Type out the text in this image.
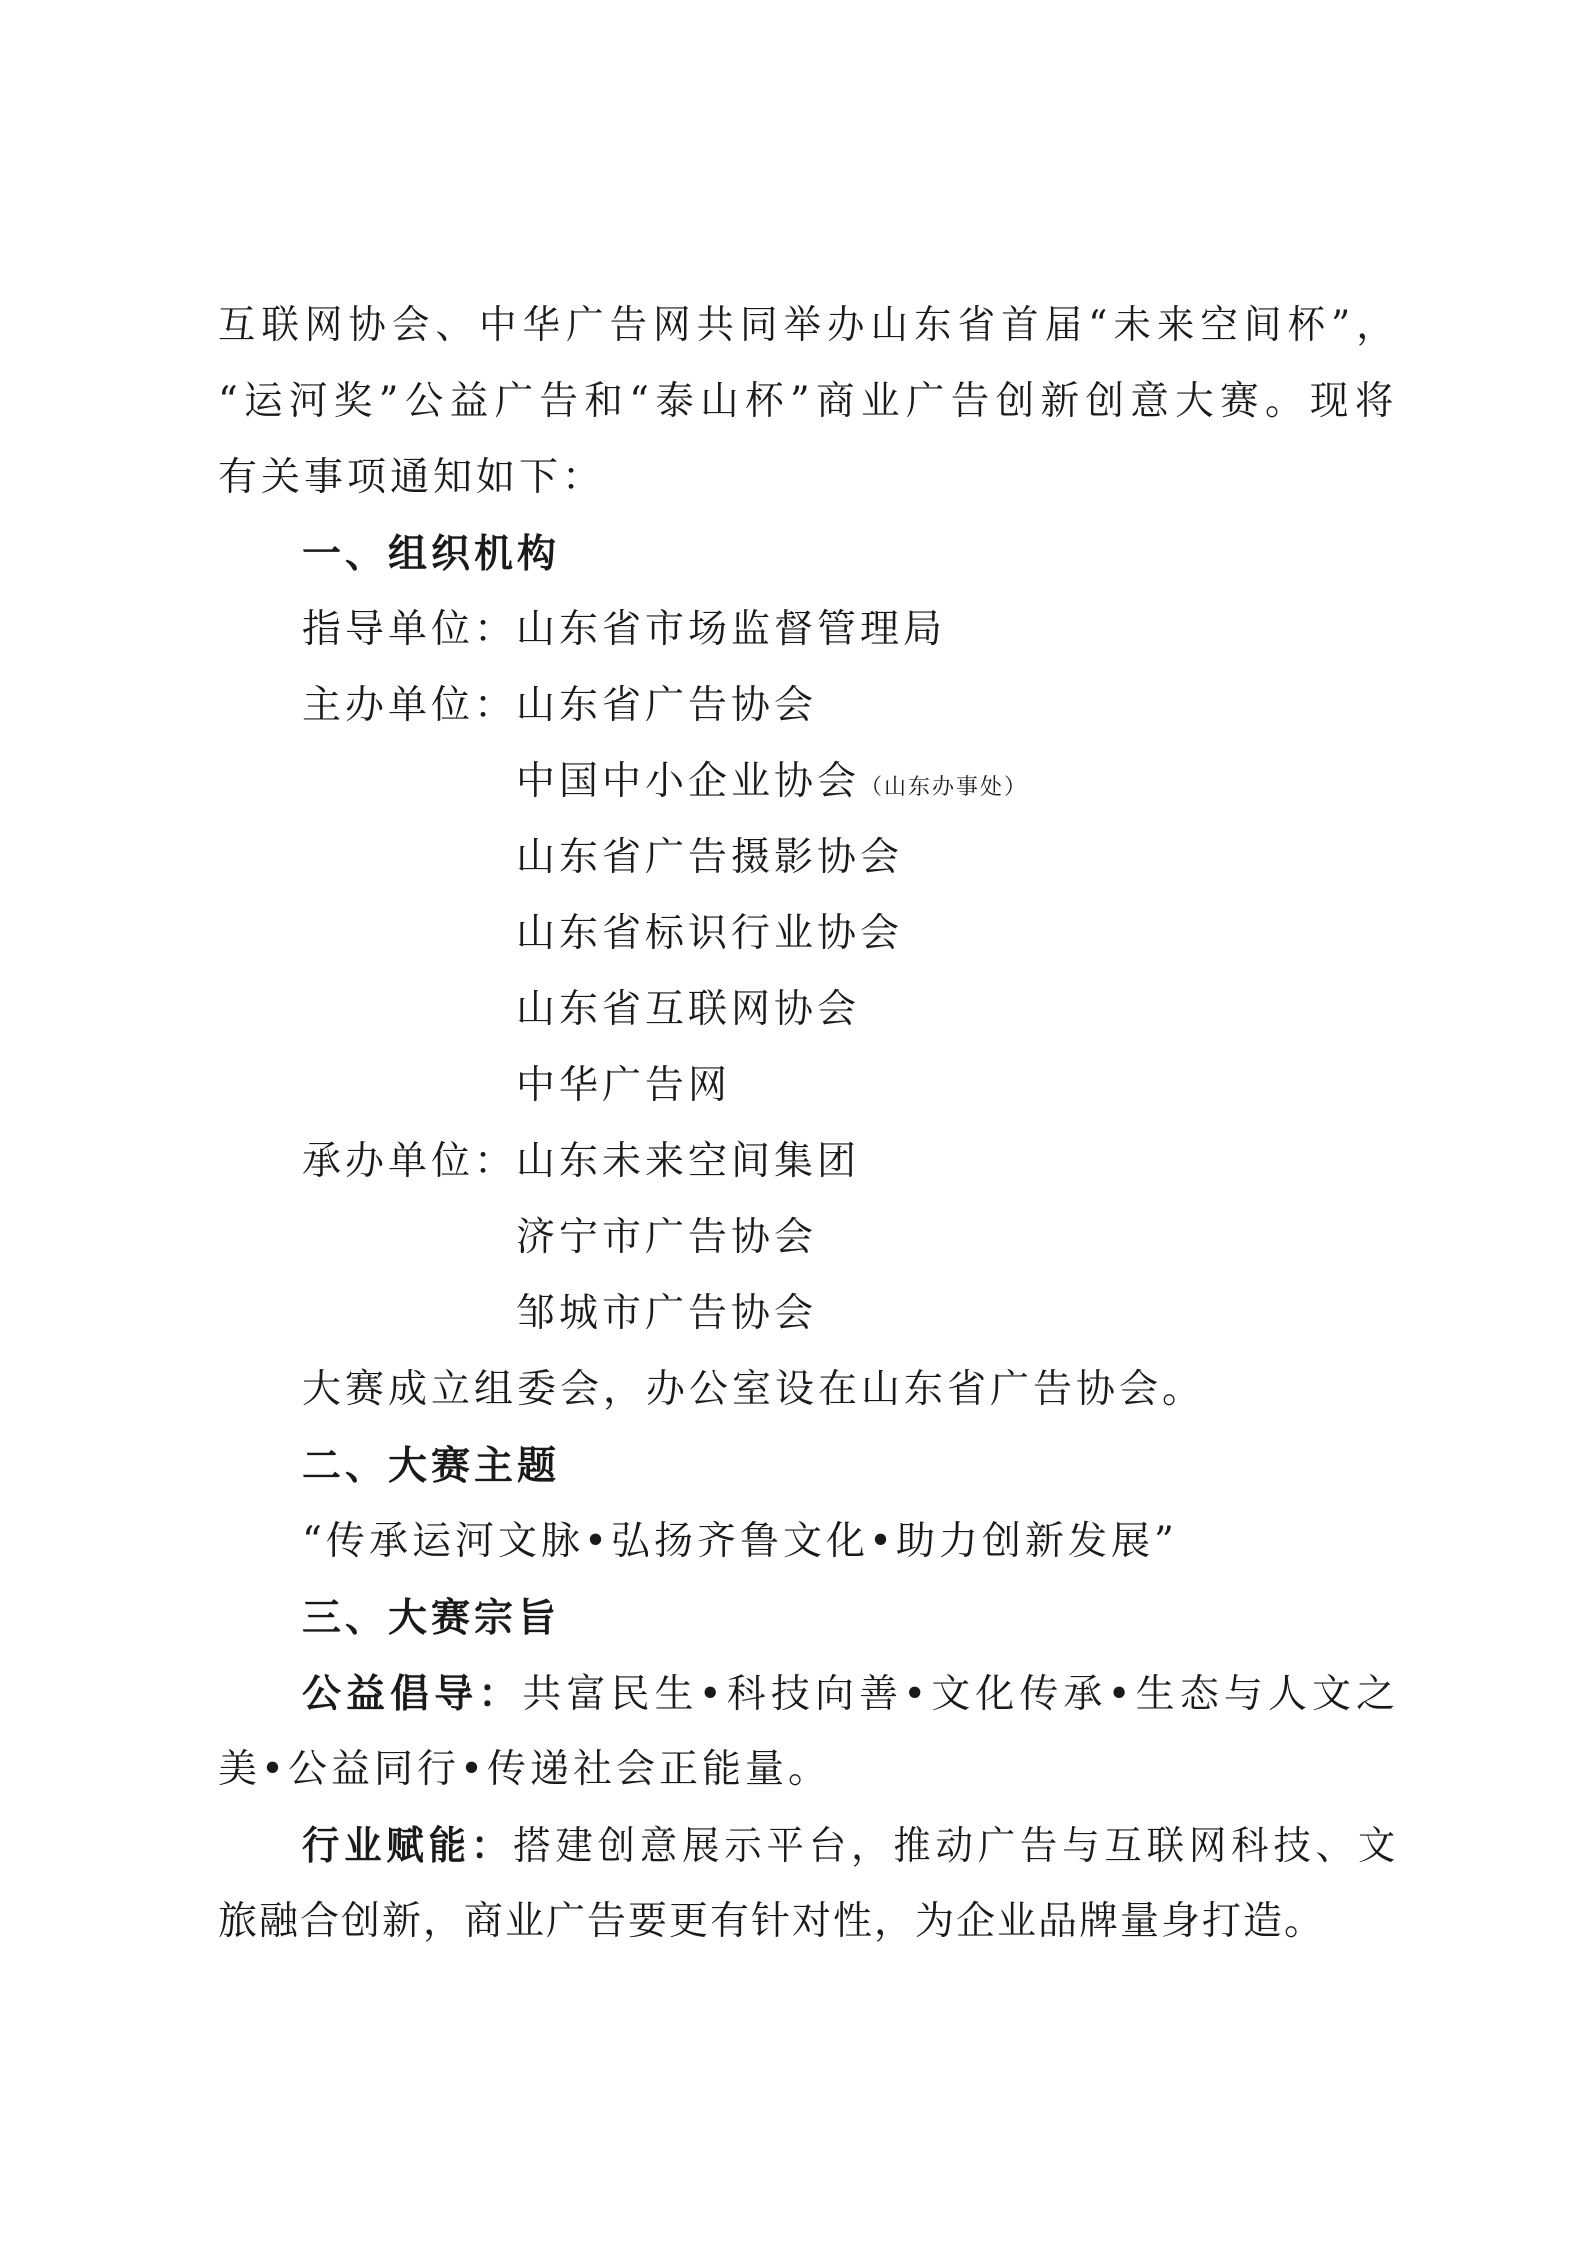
互联网协会、中华广告网共同举办山东省首届“未来空间杯”，
“运河奖”公益广告和“泰山杯”商业广告创新创意大赛。现将
有关事项通知如下：
一、组织机构
指导单位：
山东省市场监督管理局
主办单位：
山东省广告协会
中国中小企业协会（山东办事处）
山东省广告摄影协会
山东省标识行业协会
山东省互联网协会
中华广告网
承办单位：
山东未来空间集团
济宁市广告协会
邹城市广告协会
大赛成立组委会，办公室设在山东省广告协会。
二、大赛主题
“传承运河文脉•弘扬齐鲁文化•助力创新发展”
三、大赛宗旨
公益倡导：共富民生•科技向善•文化传承•生态与人文之
美•公益同行•传递社会正能量。
行业赋能：搭建创意展示平台，推动广告与互联网科技、文
旅融合创新，商业广告要更有针对性，为企业品牌量身打造。
